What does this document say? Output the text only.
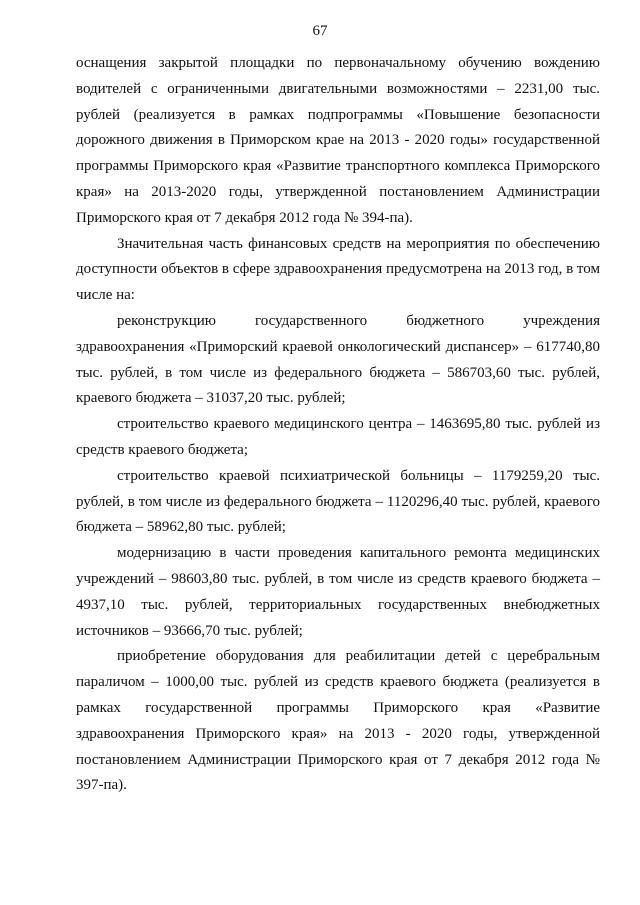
67

оснащения закрытой площадки по первоначальному обучению вождению водителей с ограниченными двигательными возможностями – 2231,00 тыс. рублей (реализуется в рамках подпрограммы «Повышение безопасности дорожного движения в Приморском крае на 2013 - 2020 годы» государственной программы Приморского края «Развитие транспортного комплекса Приморского края» на 2013-2020 годы, утвержденной постановлением Администрации Приморского края от 7 декабря 2012 года № 394-па).

Значительная часть финансовых средств на мероприятия по обеспечению доступности объектов в сфере здравоохранения предусмотрена на 2013 год, в том числе на:

реконструкцию государственного бюджетного учреждения здравоохранения «Приморский краевой онкологический диспансер» – 617740,80 тыс. рублей, в том числе из федерального бюджета – 586703,60 тыс. рублей, краевого бюджета – 31037,20 тыс. рублей;

строительство краевого медицинского центра – 1463695,80 тыс. рублей из средств краевого бюджета;

строительство краевой психиатрической больницы – 1179259,20 тыс. рублей, в том числе из федерального бюджета – 1120296,40 тыс. рублей, краевого бюджета – 58962,80 тыс. рублей;

модернизацию в части проведения капитального ремонта медицинских учреждений – 98603,80 тыс. рублей, в том числе из средств краевого бюджета – 4937,10 тыс. рублей, территориальных государственных внебюджетных источников – 93666,70 тыс. рублей;

приобретение оборудования для реабилитации детей с церебральным параличом – 1000,00 тыс. рублей из средств краевого бюджета (реализуется в рамках государственной программы Приморского края «Развитие здравоохранения Приморского края» на 2013 - 2020 годы, утвержденной постановлением Администрации Приморского края от 7 декабря 2012 года № 397-па).
